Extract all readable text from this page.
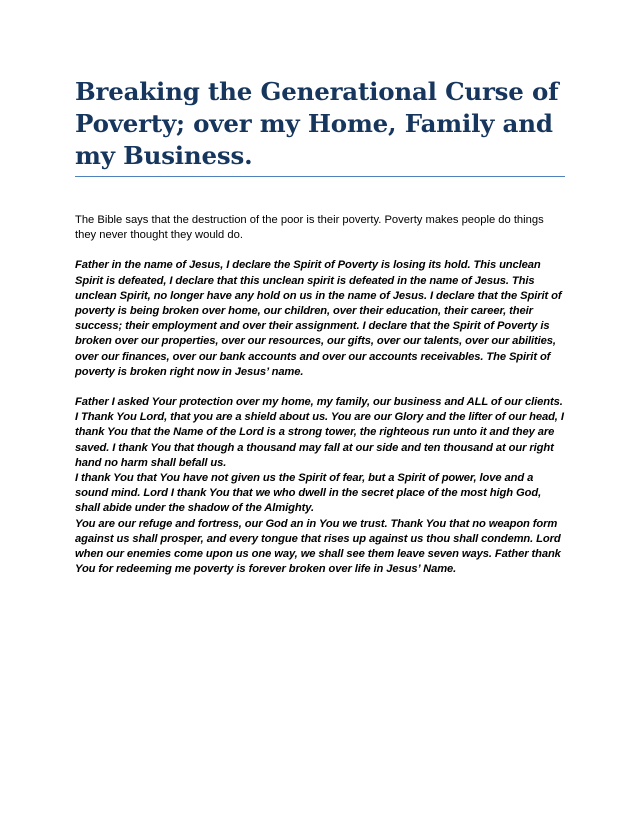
Breaking the Generational Curse of Poverty; over my Home, Family and my Business.

The Bible says that the destruction of the poor is their poverty. Poverty makes people do things they never thought they would do.

Father in the name of Jesus, I declare the Spirit of Poverty is losing its hold. This unclean Spirit is defeated, I declare that this unclean spirit is defeated in the name of Jesus. This unclean Spirit, no longer have any hold on us in the name of Jesus. I declare that the Spirit of poverty is being broken over home, our children, over their education, their career, their success; their employment and over their assignment. I declare that the Spirit of Poverty is broken over our properties, over our resources, our gifts, over our talents, over our abilities, over our finances, over our bank accounts and over our accounts receivables. The Spirit of poverty is broken right now in Jesus’ name.

Father I asked Your protection over my home, my family, our business and ALL of our clients. I Thank You Lord, that you are a shield about us. You are our Glory and the lifter of our head, I thank You that the Name of the Lord is a strong tower, the righteous run unto it and they are saved. I thank You that though a thousand may fall at our side and ten thousand at our right hand no harm shall befall us.

I thank You that You have not given us the Spirit of fear, but a Spirit of power, love and a sound mind. Lord I thank You that we who dwell in the secret place of the most high God, shall abide under the shadow of the Almighty.

You are our refuge and fortress, our God an in You we trust. Thank You that no weapon form against us shall prosper, and every tongue that rises up against us thou shall condemn. Lord when our enemies come upon us one way, we shall see them leave seven ways. Father thank You for redeeming me poverty is forever broken over life in Jesus’ Name.
